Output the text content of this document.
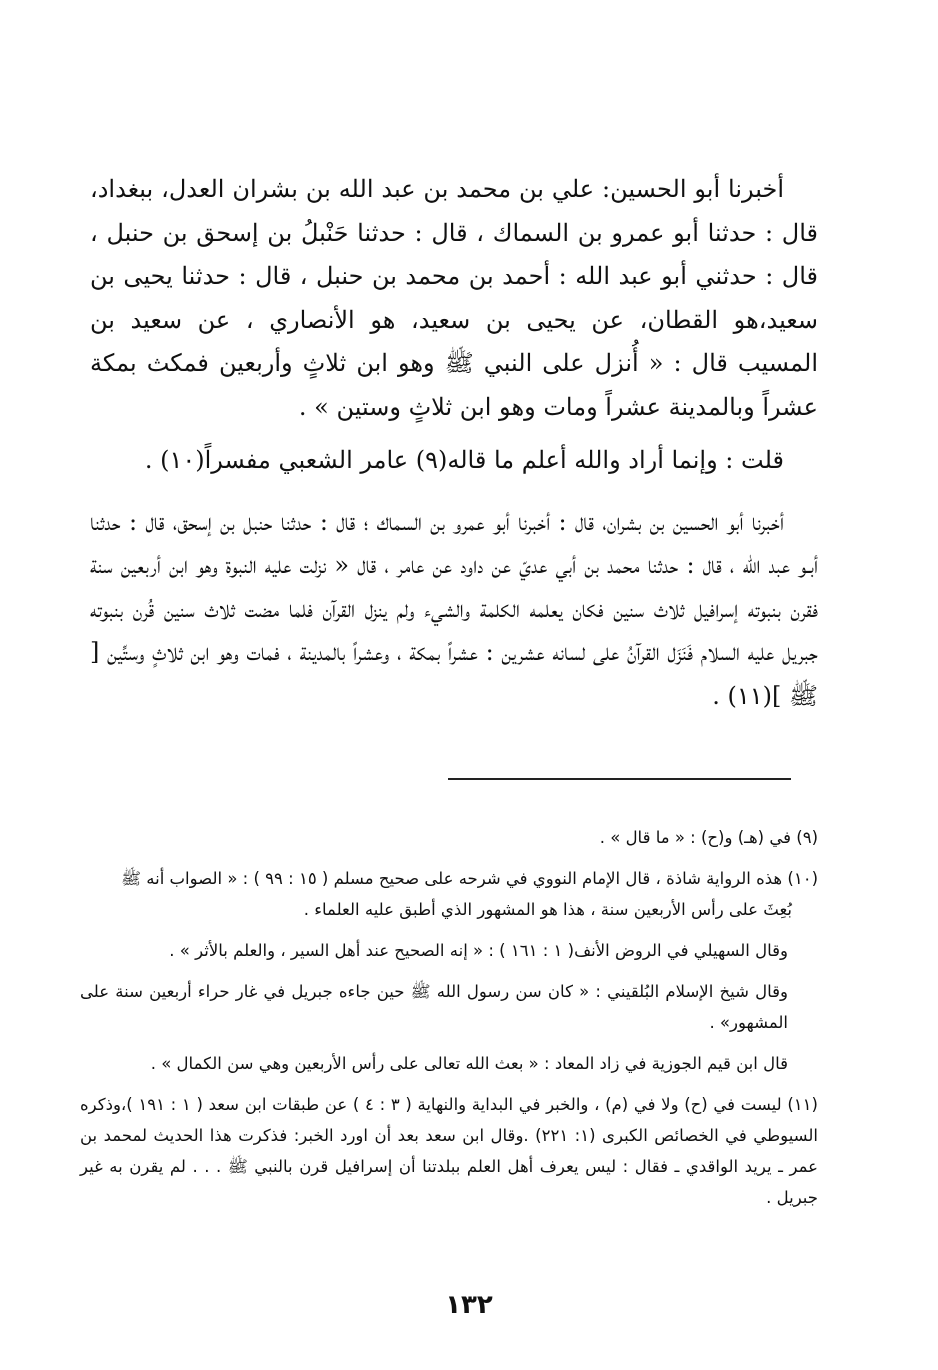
أخبرنا أبو الحسين: علي بن محمد بن عبد الله بن بشران العدل، ببغداد، قال : حدثنا أبو عمرو بن السماك ، قال : حدثنا حَنْبلُ بن إسحق بن حنبل ، قال : حدثني أبو عبد الله : أحمد بن محمد بن حنبل ، قال : حدثنا يحيى بن سعيد،هو القطان، عن يحيى بن سعيد، هو الأنصاري ، عن سعيد بن المسيب قال : « أُنزل على النبي ﷺ وهو ابن ثلاثٍ وأربعين فمكث بمكة عشراً وبالمدينة عشراً ومات وهو ابن ثلاثٍ وستين » .

قلت : وإنما أراد والله أعلم ما قاله(٩) عامر الشعبي مفسراً(١٠) .

أخبرنا أبو الحسين بن بشران، قال : أخبرنا أبو عمرو بن السماك ؛ قال : حدثنا حنبل بن إسحق، قال : حدثنا أبـو عبد الله ، قال : حدثنا محمد بن أبي عديّ عن داود عن عامر ، قال « نزلت عليه النبوة وهو ابن أربعين سنة فقرن بنبوته إسرافيل ثلاث سنين فكان يعلمه الكلمة والشيء ولم ينزل القرآن فلما مضت ثلاث سنين قُرن بنبوته جبريل عليه السلام فَنَزَل القرآنُ على لسانه عشرين : عشراً بمكة ، وعشراً بالمدينة ، فمات وهو ابن ثلاثٍ وستِّين [ ﷺ ](١١) .

(٩) في (هـ) و(ح) : « ما قال » .

(١٠) هذه الرواية شاذة ، قال الإمام النووي في شرحه على صحيح مسلم ( ١٥ : ٩٩ ) : « الصواب أنه ﷺ

بُعِثَ على رأس الأربعين سنة ، هذا هو المشهور الذي أطبق عليه العلماء .

وقال السهيلي في الروض الأنف( ١ : ١٦١ ) : « إنه الصحيح عند أهل السير ، والعلم بالأثر » .

وقال شيخ الإسلام البُلقيني : « كان سن رسول الله ﷺ حين جاءه جبريل في غار حراء أربعين سنة على المشهور» .

قال ابن قيم الجوزية في زاد المعاد : « بعث الله تعالى على رأس الأربعين وهي سن الكمال » .

(١١) ليست في (ح) ولا في (م) ، والخبر في البداية والنهاية ( ٣ : ٤ ) عن طبقات ابن سعد ( ١ : ١٩١ )،وذكره السيوطي في الخصائص الكبرى (١: ٢٢١) .وقال ابن سعد بعد أن اورد الخبر: فذكرت هذا الحديث لمحمد بن عمر ـ يريد الواقدي ـ فقال : ليس يعرف أهل العلم ببلدتنا أن إسرافيل قرن بالنبي ﷺ . . . لم يقرن به غير جبريل .

١٣٢
